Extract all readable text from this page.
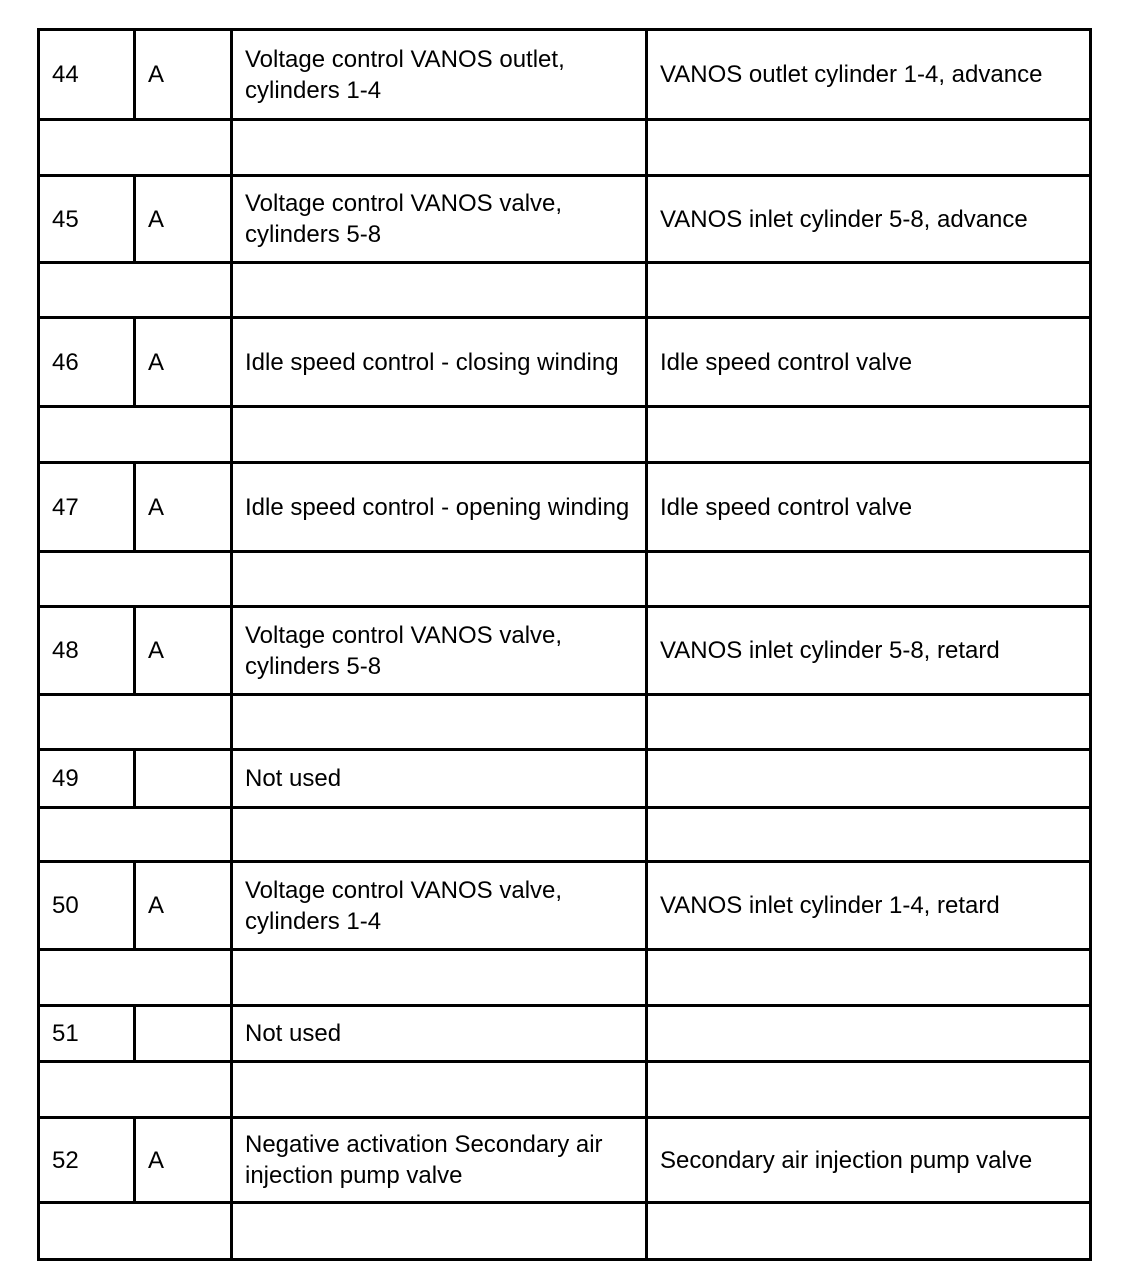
44	A	Voltage control VANOS outlet, cylinders 1-4	VANOS outlet cylinder 1-4, advance

45	A	Voltage control VANOS valve, cylinders 5-8	VANOS inlet cylinder 5-8, advance

46	A	Idle speed control - closing winding	Idle speed control valve

47	A	Idle speed control - opening winding	Idle speed control valve

48	A	Voltage control VANOS valve, cylinders 5-8	VANOS inlet cylinder 5-8, retard

49		Not used	

50	A	Voltage control VANOS valve, cylinders 1-4	VANOS inlet cylinder 1-4, retard

51		Not used	

52	A	Negative activation Secondary air injection pump valve	Secondary air injection pump valve
